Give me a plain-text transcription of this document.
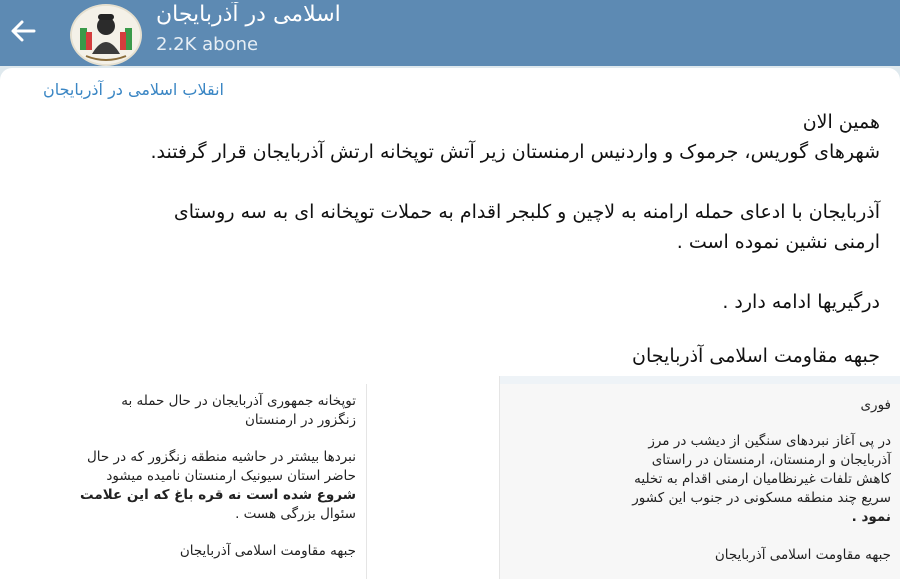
اسلامی در آذربایجان
2.2K abone
انقلاب اسلامی در آذربایجان
همین الان
شهرهای گوریس، جرموک و واردنیس ارمنستان زیر آتش توپخانه ارتش آذربایجان قرار گرفتند.
آذربایجان با ادعای حمله ارامنه به لاچین و کلبجر اقدام به حملات توپخانه ای به سه روستای
ارمنی نشین نموده است .
درگیریها ادامه دارد .
جبهه مقاومت اسلامی آذربایجان
توپخانه جمهوری آذربایجان در حال حمله به
زنگزور در ارمنستان
نبردها بیشتر در حاشیه منطقه زنگزور که در حال
حاضر استان سیونیک ارمنستان نامیده میشود
شروع شده است نه قره باغ که این علامت
سئوال بزرگی هست .
جبهه مقاومت اسلامی آذربایجان
فوری
در پی آغاز نبردهای سنگین از دیشب در مرز
آذربایجان و ارمنستان، ارمنستان در راستای
کاهش تلفات غیرنظامیان ارمنی اقدام به تخلیه
سریع چند منطقه مسکونی در جنوب این کشور
نمود .
جبهه مقاومت اسلامی آذربایجان
